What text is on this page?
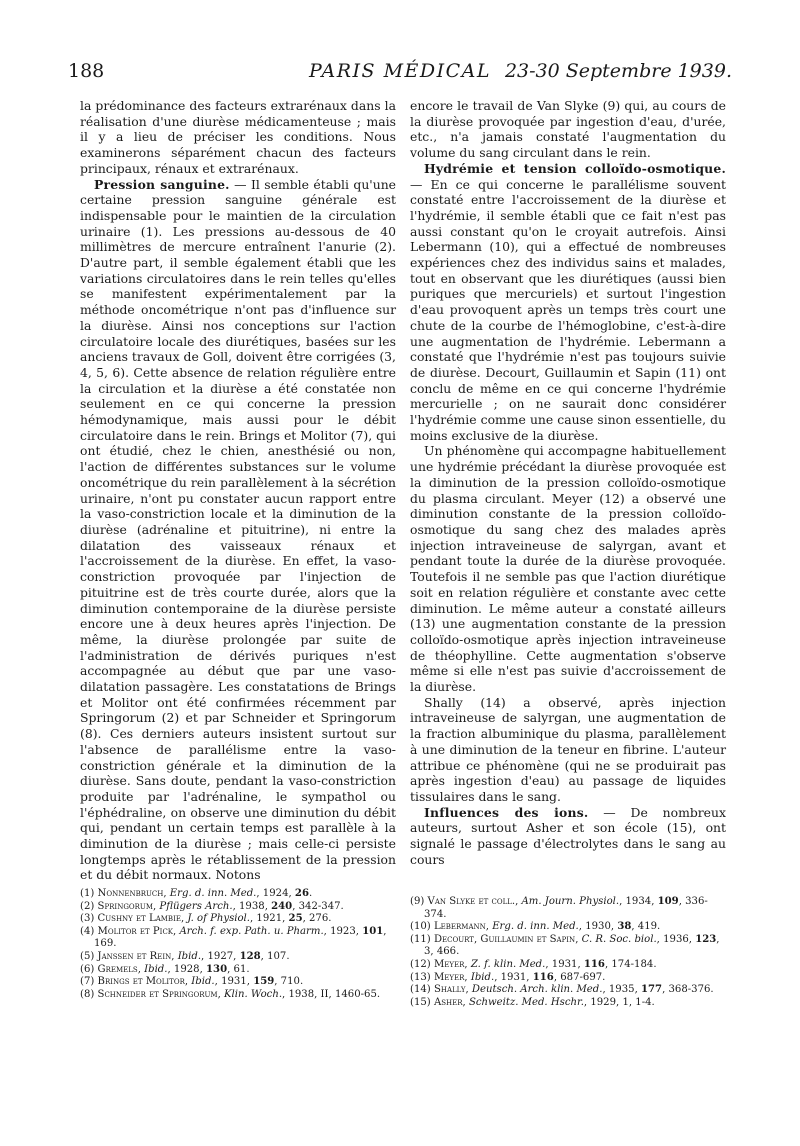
188	PARIS MÉDICAL 23-30 Septembre 1939.

la prédominance des facteurs extrarénaux dans la réalisation d'une diurèse médicamenteuse ; mais il y a lieu de préciser les conditions. Nous examinerons séparément chacun des facteurs principaux, rénaux et extrarénaux.

Pression sanguine. — Il semble établi qu'une certaine pression sanguine générale est indispensable pour le maintien de la circulation urinaire (1). Les pressions au-dessous de 40 millimètres de mercure entraînent l'anurie (2). D'autre part, il semble également établi que les variations circulatoires dans le rein telles qu'elles se manifestent expérimentalement par la méthode oncométrique n'ont pas d'influence sur la diurèse. Ainsi nos conceptions sur l'action circulatoire locale des diurétiques, basées sur les anciens travaux de Goll, doivent être corrigées (3, 4, 5, 6). Cette absence de relation régulière entre la circulation et la diurèse a été constatée non seulement en ce qui concerne la pression hémodynamique, mais aussi pour le débit circulatoire dans le rein. Brings et Molitor (7), qui ont étudié, chez le chien, anesthésié ou non, l'action de différentes substances sur le volume oncométrique du rein parallèlement à la sécrétion urinaire, n'ont pu constater aucun rapport entre la vaso-constriction locale et la diminution de la diurèse (adrénaline et pituitrine), ni entre la dilatation des vaisseaux rénaux et l'accroissement de la diurèse. En effet, la vaso-constriction provoquée par l'injection de pituitrine est de très courte durée, alors que la diminution contemporaine de la diurèse persiste encore une à deux heures après l'injection. De même, la diurèse prolongée par suite de l'administration de dérivés puriques n'est accompagnée au début que par une vaso-dilatation passagère. Les constatations de Brings et Molitor ont été confirmées récemment par Springorum (2) et par Schneider et Springorum (8). Ces derniers auteurs insistent surtout sur l'absence de parallélisme entre la vaso-constriction générale et la diminution de la diurèse. Sans doute, pendant la vaso-constriction produite par l'adrénaline, le sympathol ou l'éphédraline, on observe une diminution du débit qui, pendant un certain temps est parallèle à la diminution de la diurèse ; mais celle-ci persiste longtemps après le rétablissement de la pression et du débit normaux. Notons

encore le travail de Van Slyke (9) qui, au cours de la diurèse provoquée par ingestion d'eau, d'urée, etc., n'a jamais constaté l'augmentation du volume du sang circulant dans le rein.

Hydrémie et tension colloïdo-osmotique. — En ce qui concerne le parallélisme souvent constaté entre l'accroissement de la diurèse et l'hydrémie, il semble établi que ce fait n'est pas aussi constant qu'on le croyait autrefois. Ainsi Lebermann (10), qui a effectué de nombreuses expériences chez des individus sains et malades, tout en observant que les diurétiques (aussi bien puriques que mercuriels) et surtout l'ingestion d'eau provoquent après un temps très court une chute de la courbe de l'hémoglobine, c'est-à-dire une augmentation de l'hydrémie. Lebermann a constaté que l'hydrémie n'est pas toujours suivie de diurèse. Decourt, Guillaumin et Sapin (11) ont conclu de même en ce qui concerne l'hydrémie mercurielle ; on ne saurait donc considérer l'hydrémie comme une cause sinon essentielle, du moins exclusive de la diurèse.

Un phénomène qui accompagne habituellement une hydrémie précédant la diurèse provoquée est la diminution de la pression colloïdo-osmotique du plasma circulant. Meyer (12) a observé une diminution constante de la pression colloïdo-osmotique du sang chez des malades après injection intraveineuse de salyrgan, avant et pendant toute la durée de la diurèse provoquée. Toutefois il ne semble pas que l'action diurétique soit en relation régulière et constante avec cette diminution. Le même auteur a constaté ailleurs (13) une augmentation constante de la pression colloïdo-osmotique après injection intraveineuse de théophylline. Cette augmentation s'observe même si elle n'est pas suivie d'accroissement de la diurèse.

Shally (14) a observé, après injection intraveineuse de salyrgan, une augmentation de la fraction albuminique du plasma, parallèlement à une diminution de la teneur en fibrine. L'auteur attribue ce phénomène (qui ne se produirait pas après ingestion d'eau) au passage de liquides tissulaires dans le sang.

Influences des ions. — De nombreux auteurs, surtout Asher et son école (15), ont signalé le passage d'électrolytes dans le sang au cours

(1) Nonnenbruch, Erg. d. inn. Med., 1924, 26.

(2) Springorum, Pflügers Arch., 1938, 240, 342-347.

(3) Cushny et Lambie, J. of Physiol., 1921, 25, 276.

(4) Molitor et Pick, Arch. f. exp. Path. u. Pharm., 1923, 101, 169.

(5) Janssen et Rein, Ibid., 1927, 128, 107.

(6) Gremels, Ibid., 1928, 130, 61.

(7) Brings et Molitor, Ibid., 1931, 159, 710.

(8) Schneider et Springorum, Klin. Woch., 1938, II, 1460-65.

(9) Van Slyke et coll., Am. Journ. Physiol., 1934, 109, 336-374.

(10) Lebermann, Erg. d. inn. Med., 1930, 38, 419.

(11) Decourt, Guillaumin et Sapin, C. R. Soc. biol., 1936, 123, 3, 466.

(12) Meyer, Z. f. klin. Med., 1931, 116, 174-184.

(13) Meyer, Ibid., 1931, 116, 687-697.

(14) Shally, Deutsch. Arch. klin. Med., 1935, 177, 368-376.

(15) Asher, Schweitz. Med. Hschr., 1929, 1, 1-4.
